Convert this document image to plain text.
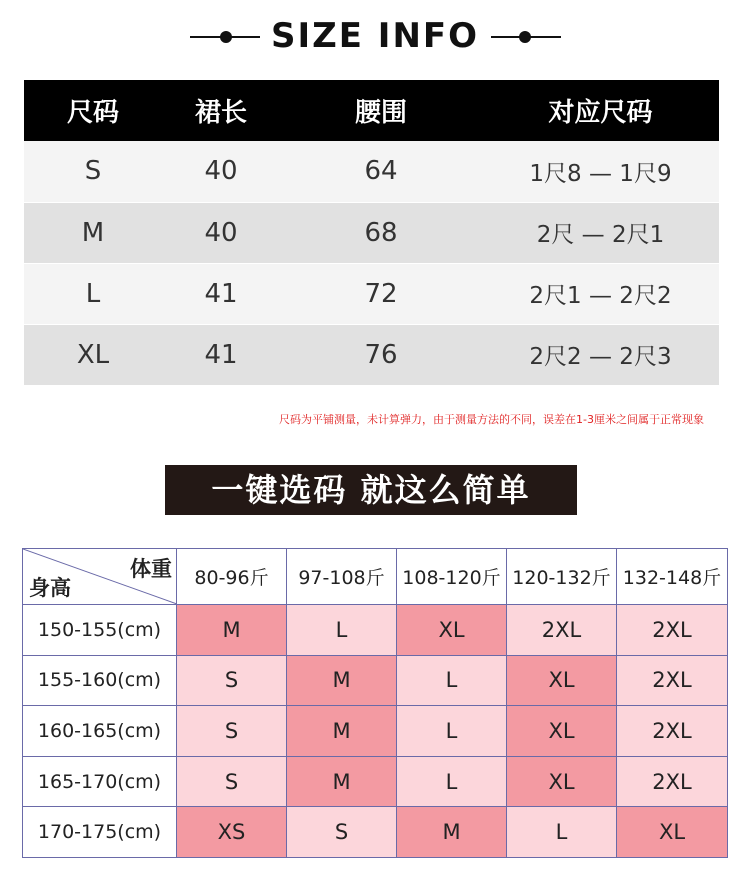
SIZE INFO
尺码	裙长	腰围	对应尺码
S	40	64	1尺8 — 1尺9
M	40	68	2尺 — 2尺1
L	41	72	2尺1 — 2尺2
XL	41	76	2尺2 — 2尺3
尺码为平铺测量，未计算弹力，由于测量方法的不同，误差在1-3厘米之间属于正常现象
一键选码 就这么简单
体重
身高	80-96斤	97-108斤	108-120斤	120-132斤	132-148斤
150-155(cm)	M	L	XL	2XL	2XL
155-160(cm)	S	M	L	XL	2XL
160-165(cm)	S	M	L	XL	2XL
165-170(cm)	S	M	L	XL	2XL
170-175(cm)	XS	S	M	L	XL
